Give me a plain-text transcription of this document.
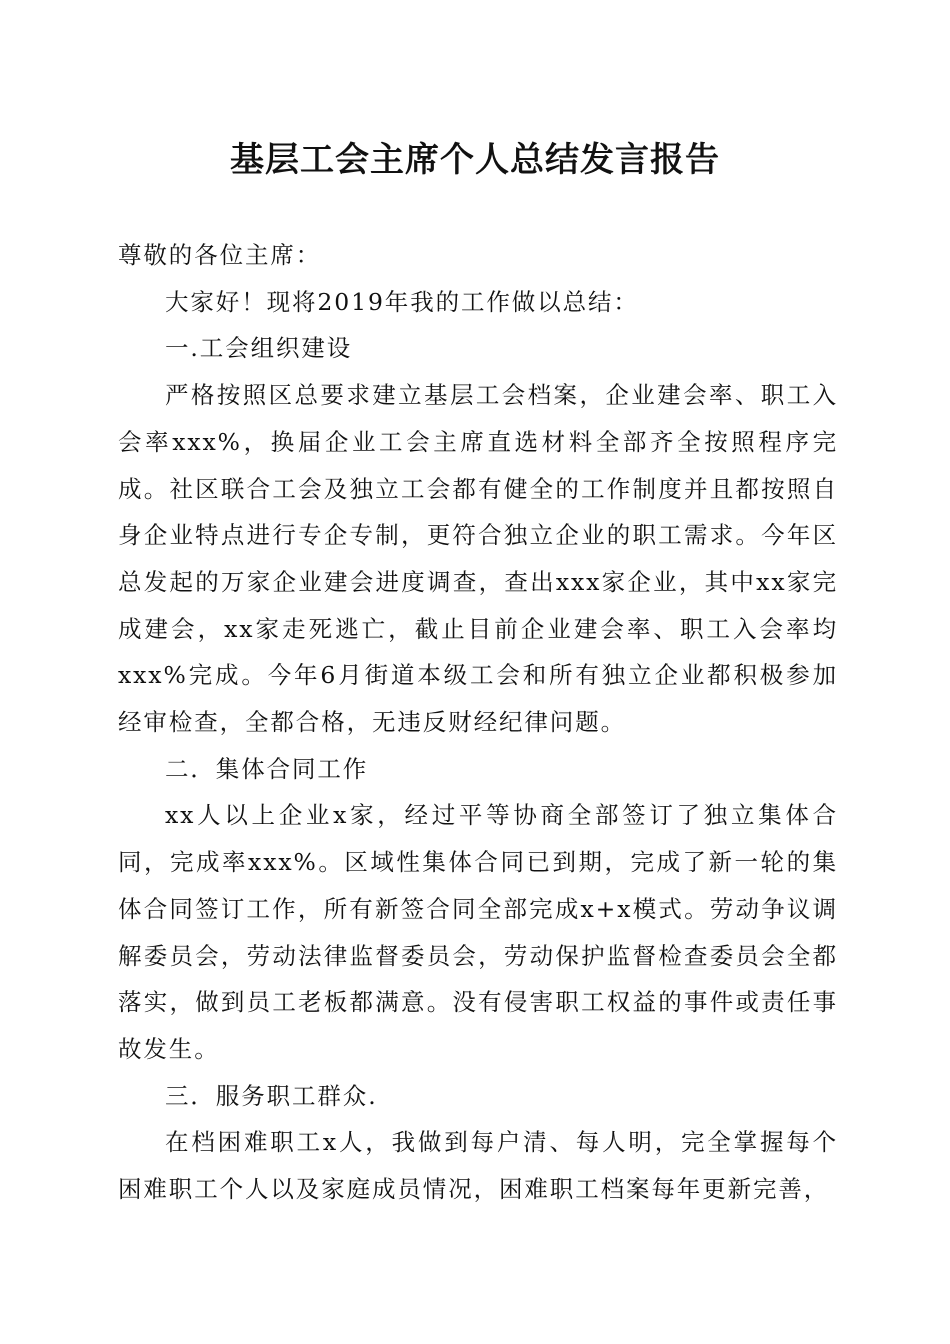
基层工会主席个人总结发言报告

尊敬的各位主席：

大家好！现将2019年我的工作做以总结：

一.工会组织建设

严格按照区总要求建立基层工会档案，企业建会率、职工入会率xxx%，换届企业工会主席直选材料全部齐全按照程序完成。社区联合工会及独立工会都有健全的工作制度并且都按照自身企业特点进行专企专制，更符合独立企业的职工需求。今年区总发起的万家企业建会进度调查，查出xxx家企业，其中xx家完成建会，xx家走死逃亡，截止目前企业建会率、职工入会率均xxx%完成。今年6月街道本级工会和所有独立企业都积极参加经审检查，全都合格，无违反财经纪律问题。

二．集体合同工作

xx人以上企业x家，经过平等协商全部签订了独立集体合同，完成率xxx%。区域性集体合同已到期，完成了新一轮的集体合同签订工作，所有新签合同全部完成x+x模式。劳动争议调解委员会，劳动法律监督委员会，劳动保护监督检查委员会全都落实，做到员工老板都满意。没有侵害职工权益的事件或责任事故发生。

三．服务职工群众.

在档困难职工x人，我做到每户清、每人明，完全掌握每个困难职工个人以及家庭成员情况，困难职工档案每年更新完善，
